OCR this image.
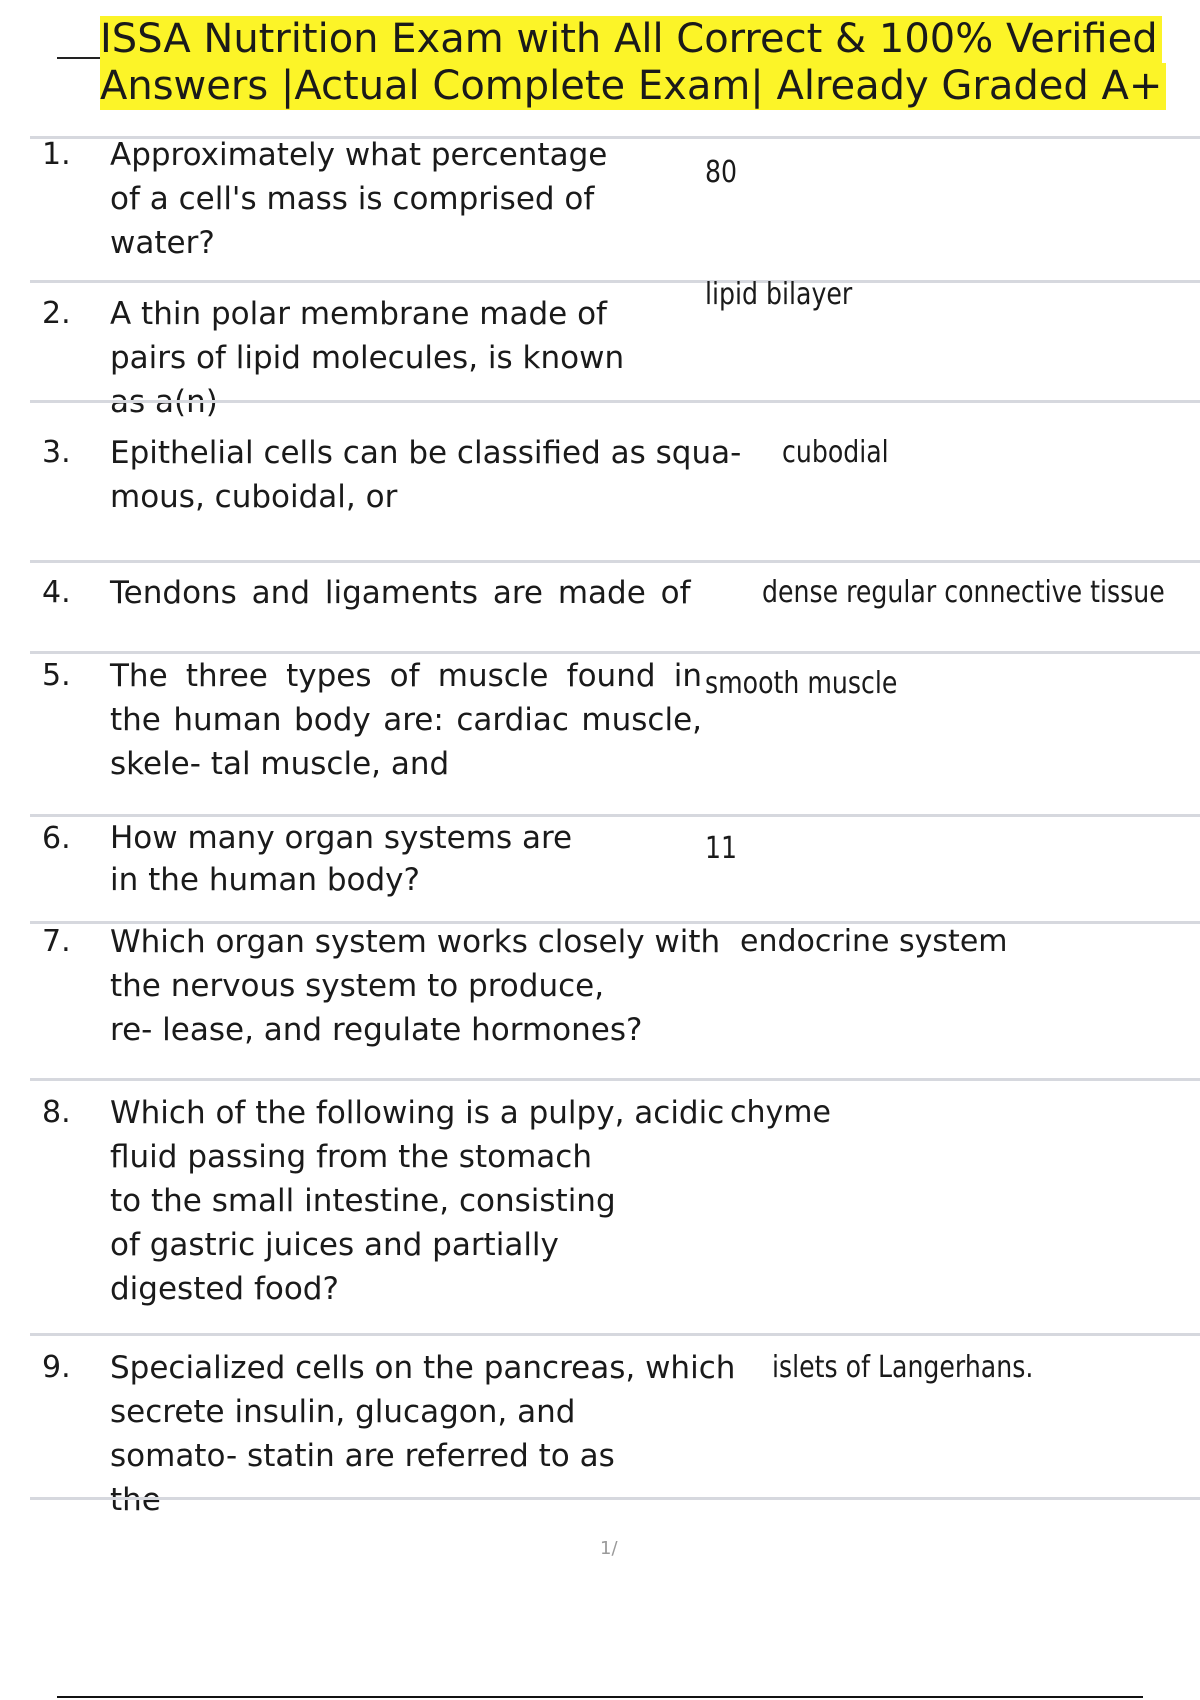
ISSA Nutrition Exam with All Correct & 100% Verified
Answers |Actual Complete Exam| Already Graded A+
1. Approximately what percentage
of a cell's mass is comprised of
water?
80
2. A thin polar membrane made of
pairs of lipid molecules, is known
as a(n)
lipid bilayer
3. Epithelial cells can be classified as squa-
mous, cuboidal, or
cubodial
4. Tendons and ligaments are made of	dense regular connective tissue
5. The three types of muscle found in the human body are: cardiac muscle, skele- tal muscle, and
smooth muscle
6. How many organ systems are
in the human body?
11
7. Which organ system works closely with
the nervous system to produce,
re- lease, and regulate hormones?
endocrine system
8. Which of the following is a pulpy, acidic
fluid passing from the stomach
to the small intestine, consisting
of gastric juices and partially
digested food?
chyme
9. Specialized cells on the pancreas, which
secrete insulin, glucagon, and
somato- statin are referred to as
the
islets of Langerhans.
1/
